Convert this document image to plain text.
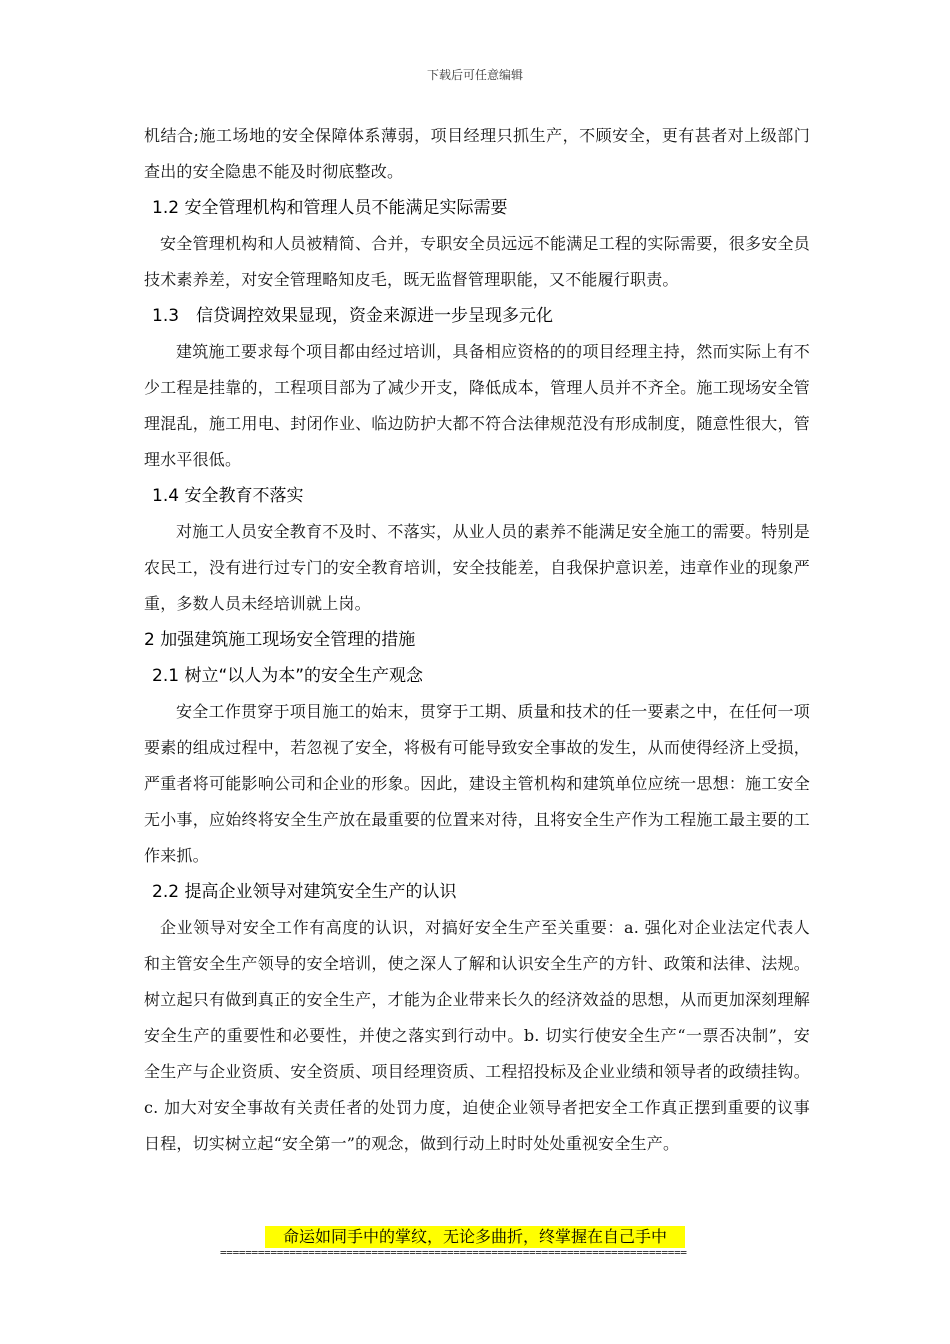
下载后可任意编辑

机结合;施工场地的安全保障体系薄弱，项目经理只抓生产，不顾安全，更有甚者对上级部门查出的安全隐患不能及时彻底整改。

1.2 安全管理机构和管理人员不能满足实际需要

安全管理机构和人员被精简、合并，专职安全员远远不能满足工程的实际需要，很多安全员技术素养差，对安全管理略知皮毛，既无监督管理职能，又不能履行职责。

1.3　信贷调控效果显现，资金来源进一步呈现多元化

建筑施工要求每个项目都由经过培训，具备相应资格的的项目经理主持，然而实际上有不少工程是挂靠的，工程项目部为了减少开支，降低成本，管理人员并不齐全。施工现场安全管理混乱，施工用电、封闭作业、临边防护大都不符合法律规范没有形成制度，随意性很大，管理水平很低。

1.4 安全教育不落实

对施工人员安全教育不及时、不落实，从业人员的素养不能满足安全施工的需要。特别是农民工，没有进行过专门的安全教育培训，安全技能差，自我保护意识差，违章作业的现象严重，多数人员未经培训就上岗。

2 加强建筑施工现场安全管理的措施
2.1 树立“以人为本”的安全生产观念

安全工作贯穿于项目施工的始末，贯穿于工期、质量和技术的任一要素之中，在任何一项要素的组成过程中，若忽视了安全，将极有可能导致安全事故的发生，从而使得经济上受损，严重者将可能影响公司和企业的形象。因此，建设主管机构和建筑单位应统一思想：施工安全无小事，应始终将安全生产放在最重要的位置来对待，且将安全生产作为工程施工最主要的工作来抓。

2.2 提高企业领导对建筑安全生产的认识

企业领导对安全工作有高度的认识，对搞好安全生产至关重要：a. 强化对企业法定代表人和主管安全生产领导的安全培训，使之深人了解和认识安全生产的方针、政策和法律、法规。树立起只有做到真正的安全生产，才能为企业带来长久的经济效益的思想，从而更加深刻理解安全生产的重要性和必要性，并使之落实到行动中。b. 切实行使安全生产“一票否决制”，安全生产与企业资质、安全资质、项目经理资质、工程招投标及企业业绩和领导者的政绩挂钩。c. 加大对安全事故有关责任者的处罚力度，迫使企业领导者把安全工作真正摆到重要的议事日程，切实树立起“安全第一”的观念，做到行动上时时处处重视安全生产。

命运如同手中的掌纹，无论多曲折，终掌握在自己手中
==========================================================================
